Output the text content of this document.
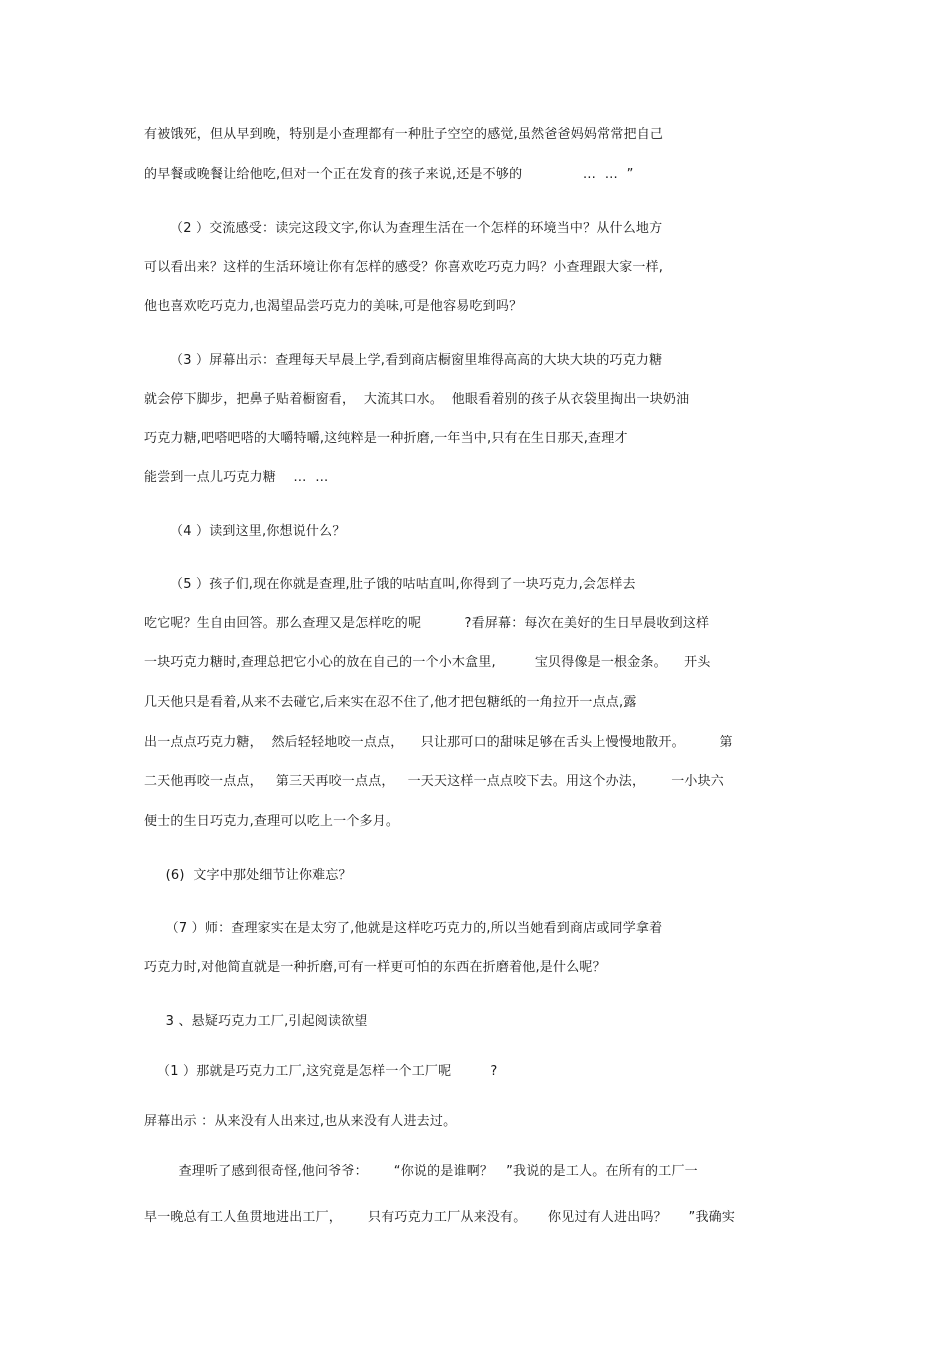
有被饿死，但从早到晚，特别是小查理都有一种肚子空空的感觉,虽然爸爸妈妈常常把自己
的早餐或晚餐让给他吃,但对一个正在发育的孩子来说,还是不够的              …  …  ”
（2 ）交流感受：读完这段文字,你认为查理生活在一个怎样的环境当中？从什么地方
可以看出来？这样的生活环境让你有怎样的感受？你喜欢吃巧克力吗？小查理跟大家一样,
他也喜欢吃巧克力,也渴望品尝巧克力的美味,可是他容易吃到吗？
（3 ）屏幕出示：查理每天早晨上学,看到商店橱窗里堆得高高的大块大块的巧克力糖
就会停下脚步，把鼻子贴着橱窗看，  大流其口水。  他眼看着别的孩子从衣袋里掏出一块奶油
巧克力糖,吧嗒吧嗒的大嚼特嚼,这纯粹是一种折磨,一年当中,只有在生日那天,查理才
能尝到一点儿巧克力糖    …  …
（4 ）读到这里,你想说什么？
（5 ）孩子们,现在你就是查理,肚子饿的咕咕直叫,你得到了一块巧克力,会怎样去
吃它呢？生自由回答。那么查理又是怎样吃的呢          ?看屏幕：每次在美好的生日早晨收到这样
一块巧克力糖时,查理总把它小心的放在自己的一个小木盒里,         宝贝得像是一根金条。    开头
几天他只是看着,从来不去碰它,后来实在忍不住了,他才把包糖纸的一角拉开一点点,露
出一点点巧克力糖，  然后轻轻地咬一点点，    只让那可口的甜味足够在舌头上慢慢地散开。        第
二天他再咬一点点，   第三天再咬一点点，   一天天这样一点点咬下去。用这个办法，      一小块六
便士的生日巧克力,查理可以吃上一个多月。
(6)  文字中那处细节让你难忘？
（7 ）师：查理家实在是太穷了,他就是这样吃巧克力的,所以当她看到商店或同学拿着
巧克力时,对他简直就是一种折磨,可有一样更可怕的东西在折磨着他,是什么呢？
3 、悬疑巧克力工厂,引起阅读欲望
（1 ）那就是巧克力工厂,这究竟是怎样一个工厂呢         ?
屏幕出示 ：从来没有人出来过,也从来没有人进去过。
查理听了感到很奇怪,他问爷爷：      “你说的是谁啊？   ”我说的是工人。在所有的工厂一
早一晚总有工人鱼贯地进出工厂，      只有巧克力工厂从来没有。     你见过有人进出吗？     ”我确实
